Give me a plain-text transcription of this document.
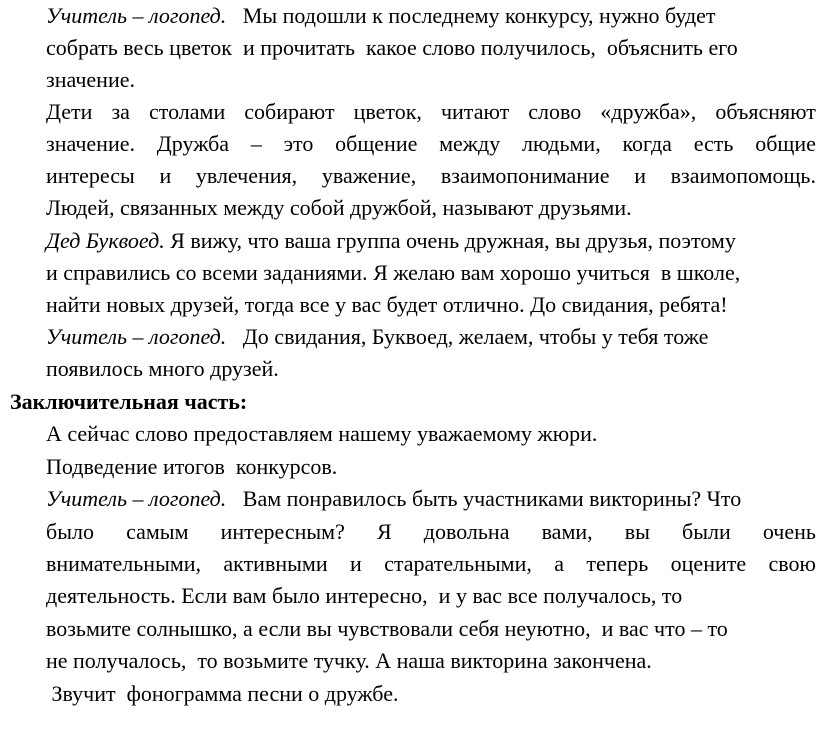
Учитель – логопед.   Мы подошли к последнему конкурсу, нужно будет
собрать весь цветок  и прочитать  какое слово получилось,  объяснить его
значение.
Дети за столами собирают цветок, читают слово «дружба», объясняют
значение. Дружба – это общение между людьми, когда есть общие
интересы и увлечения, уважение, взаимопонимание и взаимопомощь.
Людей, связанных между собой дружбой, называют друзьями.
Дед Буквоед. Я вижу, что ваша группа очень дружная, вы друзья, поэтому
и справились со всеми заданиями. Я желаю вам хорошо учиться  в школе,
найти новых друзей, тогда все у вас будет отлично. До свидания, ребята!
Учитель – логопед.   До свидания, Буквоед, желаем, чтобы у тебя тоже
появилось много друзей.
Заключительная часть:
А сейчас слово предоставляем нашему уважаемому жюри.
Подведение итогов  конкурсов.
Учитель – логопед.   Вам понравилось быть участниками викторины? Что
было самым интересным? Я довольна вами, вы были очень
внимательными, активными и старательными, а теперь оцените свою
деятельность. Если вам было интересно,  и у вас все получалось, то
возьмите солнышко, а если вы чувствовали себя неуютно,  и вас что – то
не получалось,  то возьмите тучку. А наша викторина закончена.
Звучит  фонограмма песни о дружбе.
